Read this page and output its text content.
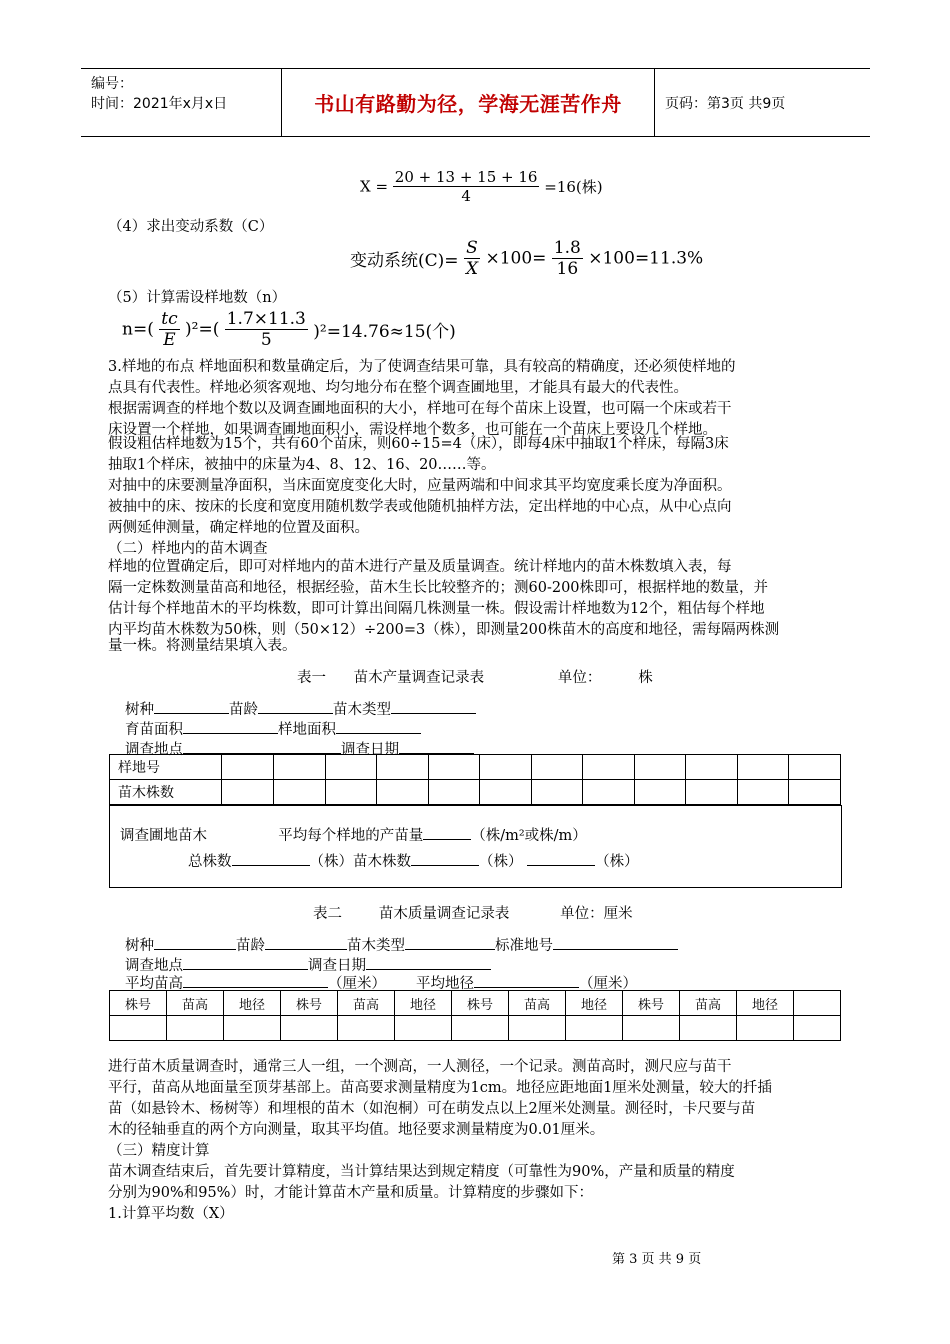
编号：
时间：2021年x月x日	书山有路勤为径，学海无涯苦作舟	页码：第3页 共9页
$X = \frac{20 + 13 + 15 + 16}{4} =16$(株)
（4）求出变动系数（C）
变动系统$(C)= \frac{S}{X} \times 100= \frac{1.8}{16} \times 100=11.3\%$
（5）计算需设样地数（n）
$n=( \frac{tc}{E} )^2=( \frac{1.7\times 11.3}{5} )^2=14.76\approx 15$(个)
3.样地的布点 样地面积和数量确定后，为了使调查结果可靠，具有较高的精确度，还必须使样地的
点具有代表性。样地必须客观地、均匀地分布在整个调查圃地里，才能具有最大的代表性。
根据需调查的样地个数以及调查圃地面积的大小，样地可在每个苗床上设置，也可隔一个床或若干
床设置一个样地，如果调查圃地面积小，需设样地个数多，也可能在一个苗床上要设几个样地。
假设粗估样地数为15个，共有60个苗床，则60÷15=4（床），即每4床中抽取1个样床，每隔3床
抽取1个样床，被抽中的床量为4、8、12、16、20……等。
对抽中的床要测量净面积，当床面宽度变化大时，应量两端和中间求其平均宽度乘长度为净面积。
被抽中的床、按床的长度和宽度用随机数学表或他随机抽样方法，定出样地的中心点，从中心点向
两侧延伸测量，确定样地的位置及面积。
（二）样地内的苗木调查
样地的位置确定后，即可对样地内的苗木进行产量及质量调查。统计样地内的苗木株数填入表，每
隔一定株数测量苗高和地径，根据经验，苗木生长比较整齐的；测60-200株即可，根据样地的数量，并
估计每个样地苗木的平均株数，即可计算出间隔几株测量一株。假设需计样地数为12个，粗估每个样地
内平均苗木株数为50株，则（50×12）÷200=3（株），即测量200株苗木的高度和地径，需每隔两株测
量一株。将测量结果填入表。
表一      苗木产量调查记录表                单位：        株
树种	苗龄	苗木类型
育苗面积	样地面积
调查地点	调查日期
样地号												
苗木株数												
调查圃地苗木	平均每个样地的产苗量	（株/m²或株/m）
总株数	（株）苗木株数	（株）	（株）
表二        苗木质量调查记录表           单位：厘米
树种	苗龄	苗木类型	标准地号
调查地点	调查日期
平均苗高	（厘米） 平均地径	（厘米）
株号	苗高	地径	株号	苗高	地径	株号	苗高	地径	株号	苗高	地径	

进行苗木质量调查时，通常三人一组，一个测高，一人测径，一个记录。测苗高时，测尺应与苗干
平行，苗高从地面量至顶芽基部上。苗高要求测量精度为1cm。地径应距地面1厘米处测量，较大的扦插
苗（如悬铃木、杨树等）和埋根的苗木（如泡桐）可在萌发点以上2厘米处测量。测径时，卡尺要与苗
木的径轴垂直的两个方向测量，取其平均值。地径要求测量精度为0.01厘米。
（三）精度计算
苗木调查结束后，首先要计算精度，当计算结果达到规定精度（可靠性为90%，产量和质量的精度
分别为90%和95%）时，才能计算苗木产量和质量。计算精度的步骤如下：
1.计算平均数（X）
第 3 页 共 9 页
